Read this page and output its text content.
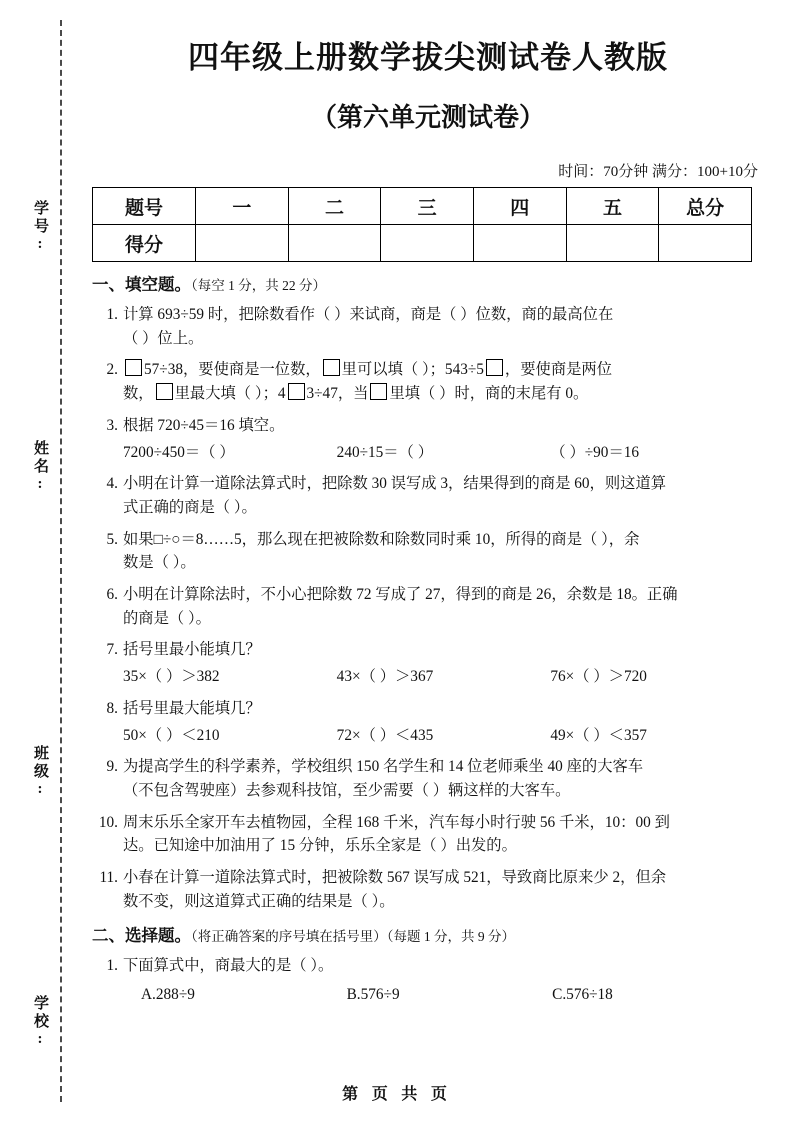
学号:
姓名:
班级:
学校:
四年级上册数学拔尖测试卷人教版
（第六单元测试卷）
时间：70分钟 满分：100+10分
题号	一	二	三	四	五	总分
得分						
一、填空题。（每空 1 分，共 22 分）
1. 计算 693÷59 时，把除数看作（ ）来试商，商是（ ）位数，商的最高位在
（ ）位上。
2.	57÷38，要使商是一位数， 里可以填（ ）；543÷5 ，要使商是两位
数， 里最大填（ ）；4 3÷47，当 里填（ ）时，商的末尾有 0。
3. 根据 720÷45＝16 填空。
7200÷450＝（ ）	240÷15＝（ ）	（ ）÷90＝16
4. 小明在计算一道除法算式时，把除数 30 误写成 3，结果得到的商是 60，则这道算
式正确的商是（ ）。
5. 如果□÷○＝8……5，那么现在把被除数和除数同时乘 10，所得的商是（ ），余
数是（ ）。
6. 小明在计算除法时，不小心把除数 72 写成了 27，得到的商是 26，余数是 18。正确
的商是（ ）。
7. 括号里最小能填几？
35×（ ）＞382	43×（ ）＞367	76×（ ）＞720
8. 括号里最大能填几？
50×（ ）＜210	72×（ ）＜435	49×（ ）＜357
9. 为提高学生的科学素养，学校组织 150 名学生和 14 位老师乘坐 40 座的大客车
（不包含驾驶座）去参观科技馆，至少需要（ ）辆这样的大客车。
10. 周末乐乐全家开车去植物园，全程 168 千米，汽车每小时行驶 56 千米，10：00 到
达。已知途中加油用了 15 分钟，乐乐全家是（ ）出发的。
11. 小春在计算一道除法算式时，把被除数 567 误写成 521，导致商比原来少 2，但余
数不变，则这道算式正确的结果是（ ）。
二、选择题。（将正确答案的序号填在括号里）（每题 1 分，共 9 分）
1. 下面算式中，商最大的是（ ）。
A.288÷9	B.576÷9	C.576÷18
第 页 共 页
